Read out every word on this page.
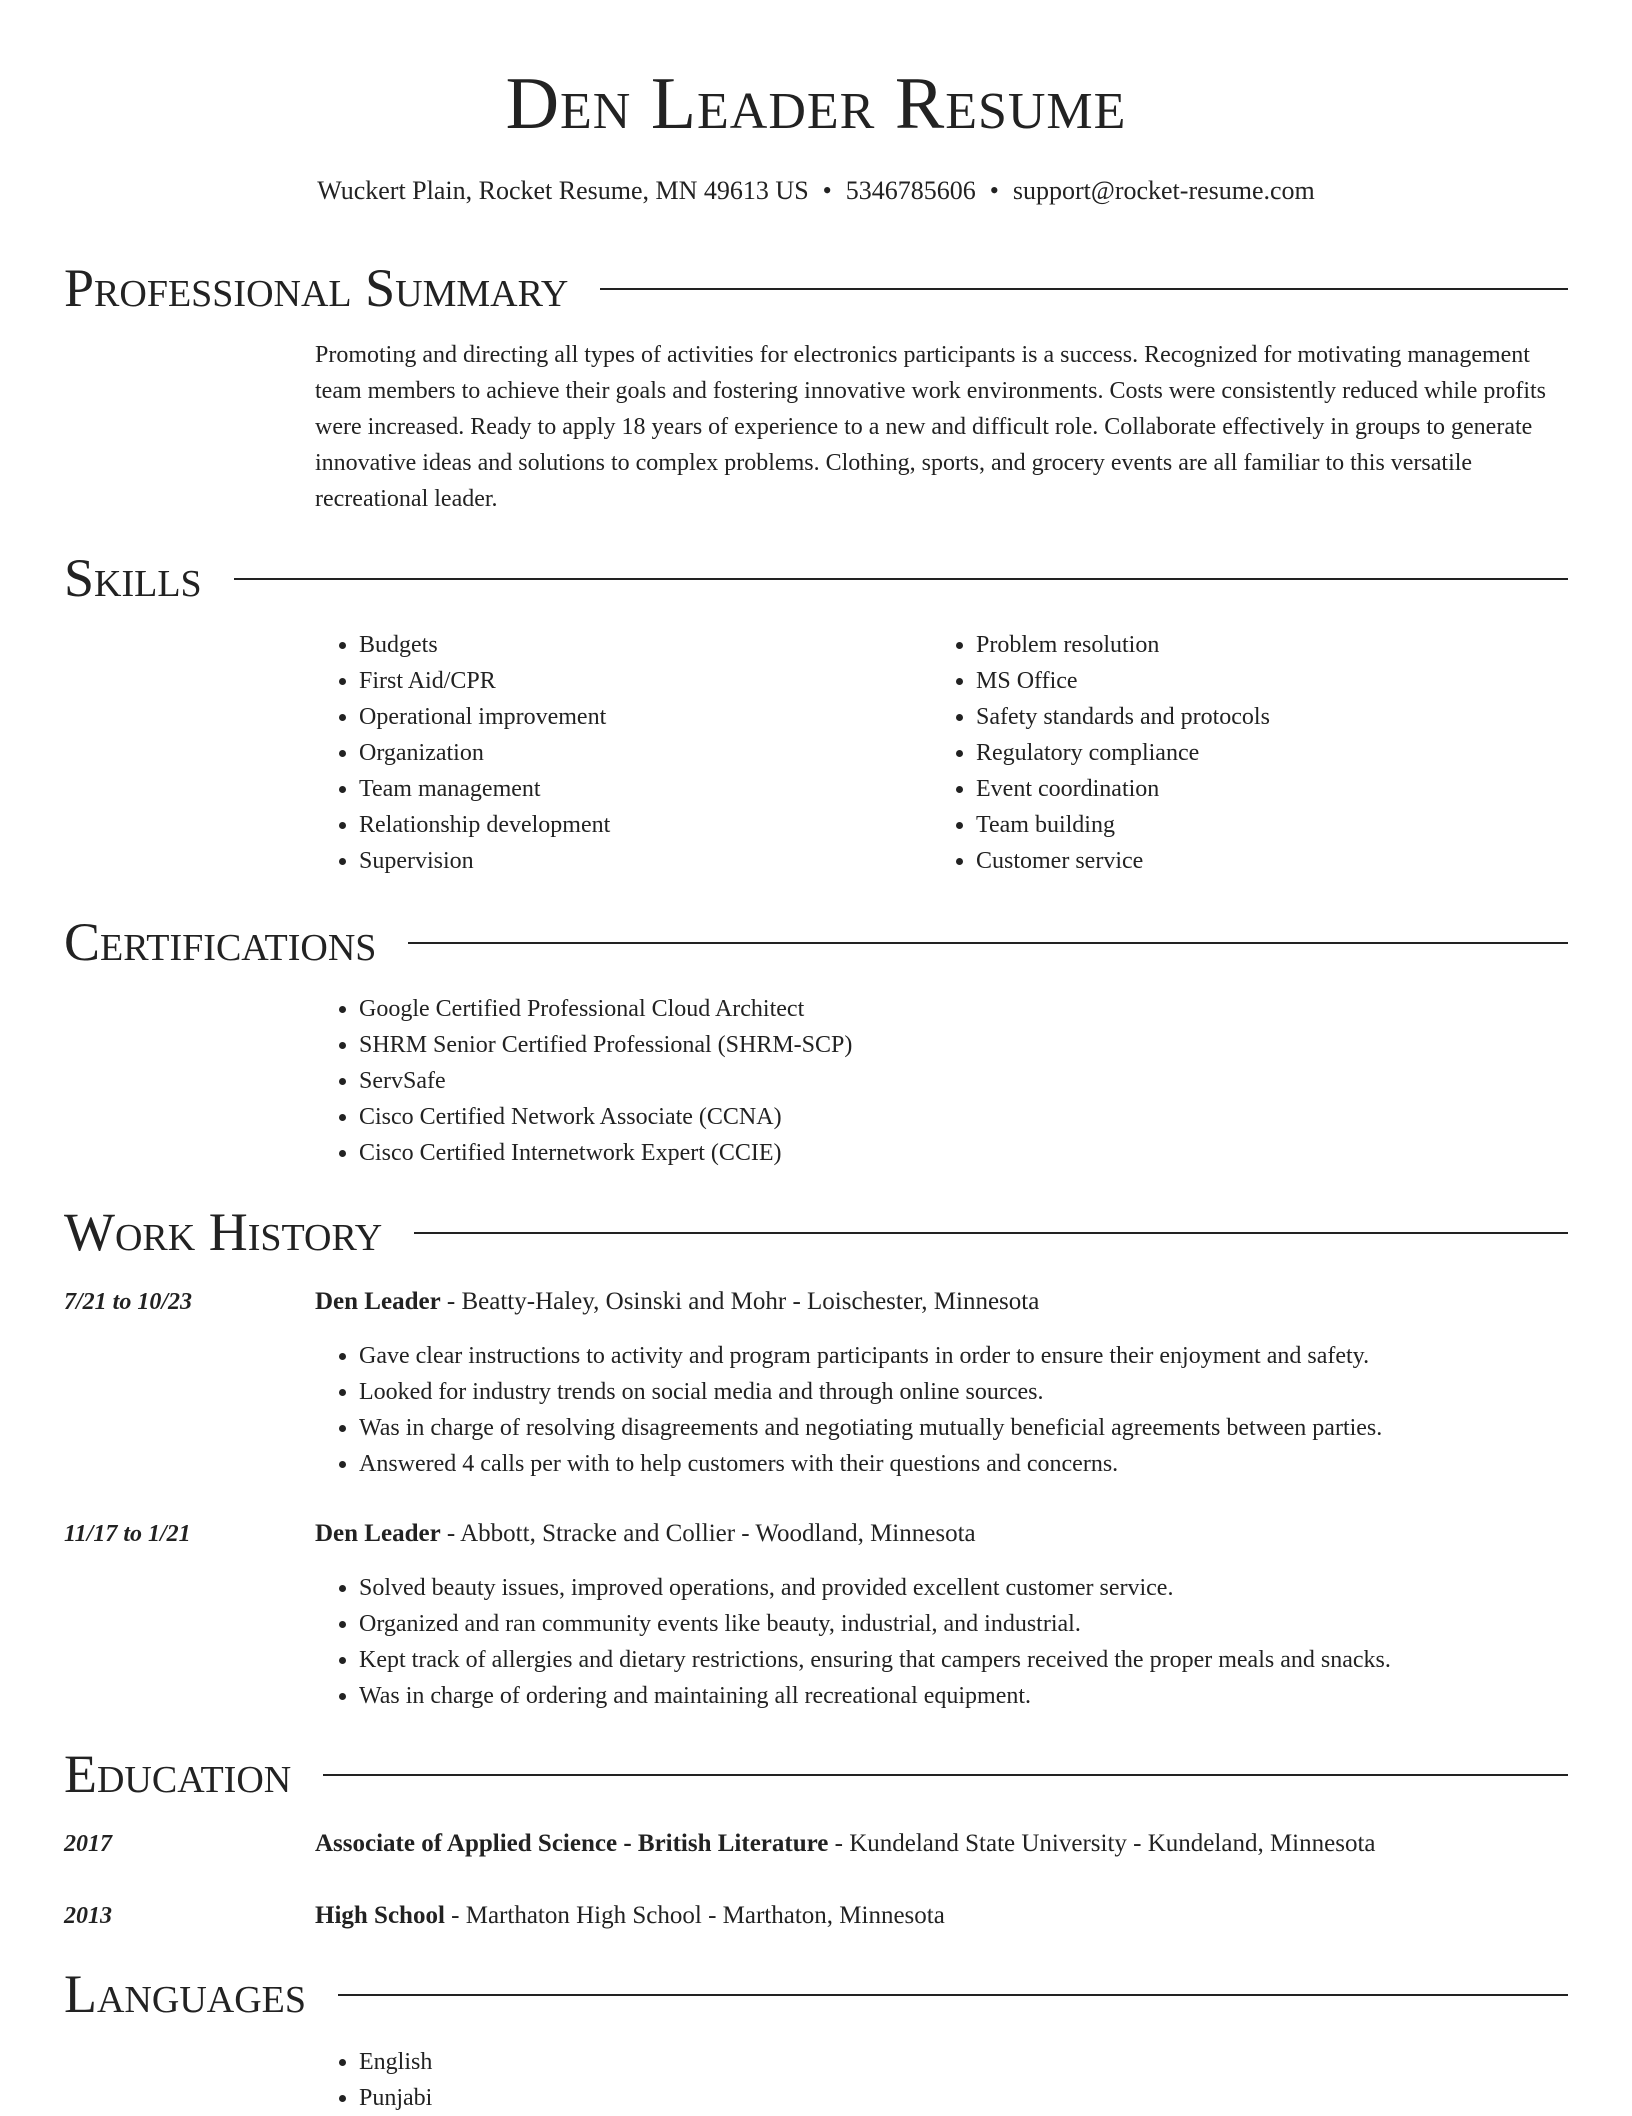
Den Leader Resume
Wuckert Plain, Rocket Resume, MN 49613 US • 5346785606 • support@rocket-resume.com
Professional Summary

Promoting and directing all types of activities for electronics participants is a success. Recognized for motivating management team members to achieve their goals and fostering innovative work environments. Costs were consistently reduced while profits were increased. Ready to apply 18 years of experience to a new and difficult role. Collaborate effectively in groups to generate innovative ideas and solutions to complex problems. Clothing, sports, and grocery events are all familiar to this versatile recreational leader.

Skills
• Budgets
• First Aid/CPR
• Operational improvement
• Organization
• Team management
• Relationship development
• Supervision
• Problem resolution
• MS Office
• Safety standards and protocols
• Regulatory compliance
• Event coordination
• Team building
• Customer service
Certifications
• Google Certified Professional Cloud Architect
• SHRM Senior Certified Professional (SHRM-SCP)
• ServSafe
• Cisco Certified Network Associate (CCNA)
• Cisco Certified Internetwork Expert (CCIE)
Work History
7/21 to 10/23	Den Leader - Beatty-Haley, Osinski and Mohr - Loischester, Minnesota
• Gave clear instructions to activity and program participants in order to ensure their enjoyment and safety.
• Looked for industry trends on social media and through online sources.
• Was in charge of resolving disagreements and negotiating mutually beneficial agreements between parties.
• Answered 4 calls per with to help customers with their questions and concerns.
11/17 to 1/21	Den Leader - Abbott, Stracke and Collier - Woodland, Minnesota
• Solved beauty issues, improved operations, and provided excellent customer service.
• Organized and ran community events like beauty, industrial, and industrial.
• Kept track of allergies and dietary restrictions, ensuring that campers received the proper meals and snacks.
• Was in charge of ordering and maintaining all recreational equipment.
Education
2017	Associate of Applied Science - British Literature - Kundeland State University - Kundeland, Minnesota
2013	High School - Marthaton High School - Marthaton, Minnesota
Languages
• English
• Punjabi
